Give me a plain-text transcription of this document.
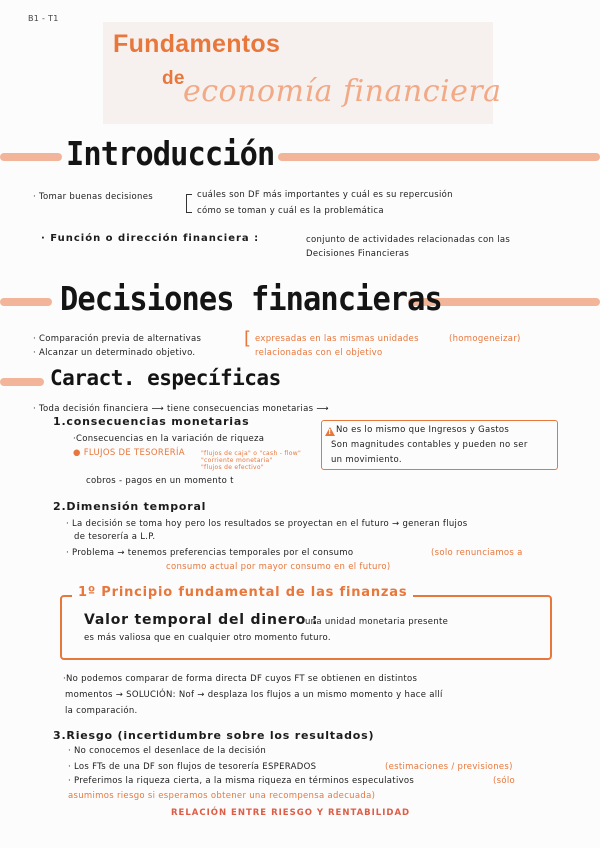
B1 - T1
Fundamentos
de
economía financiera
Introducción
· Tomar buenas decisiones	cuáles son DF más importantes y cuál es su repercusión
cómo se toman y cuál es la problemática
· Función o dirección financiera :	conjunto de actividades relacionadas con las
Decisiones Financieras
Decisiones financieras
· Comparación previa de alternativas
· Alcanzar un determinado objetivo.
[ expresadas en las mismas unidades	(homogeneizar)
relacionadas con el objetivo
Caract. específicas
· Toda decisión financiera ⟶ tiene consecuencias monetarias ⟶
1.consecuencias monetarias
·Consecuencias en la variación de riqueza
● FLUJOS DE TESORERÍA	"flujos de caja" o "cash - flow"
"corriente monetaria"
"flujos de efectivo"
cobros - pagos en un momento t
! No es lo mismo que Ingresos y Gastos
Son magnitudes contables y pueden no ser
un movimiento.
2.Dimensión temporal
· La decisión se toma hoy pero los resultados se proyectan en el futuro → generan flujos
de tesorería a L.P.
· Problema → tenemos preferencias temporales por el consumo	(solo renunciamos a
consumo actual por mayor consumo en el futuro)
1º Principio fundamental de las finanzas
Valor temporal del dinero :
una unidad monetaria presente
es más valiosa que en cualquier otro momento futuro.
·No podemos comparar de forma directa DF cuyos FT se obtienen en distintos
momentos → SOLUCIÓN: Nof → desplaza los flujos a un mismo momento y hace allí
la comparación.
3.Riesgo (incertidumbre sobre los resultados)
· No conocemos el desenlace de la decisión
· Los FTs de una DF son flujos de tesorería ESPERADOS	(estimaciones / previsiones)
· Preferimos la riqueza cierta, a la misma riqueza en términos especulativos	(sólo
asumimos riesgo si esperamos obtener una recompensa adecuada)
RELACIÓN ENTRE RIESGO Y RENTABILIDAD
